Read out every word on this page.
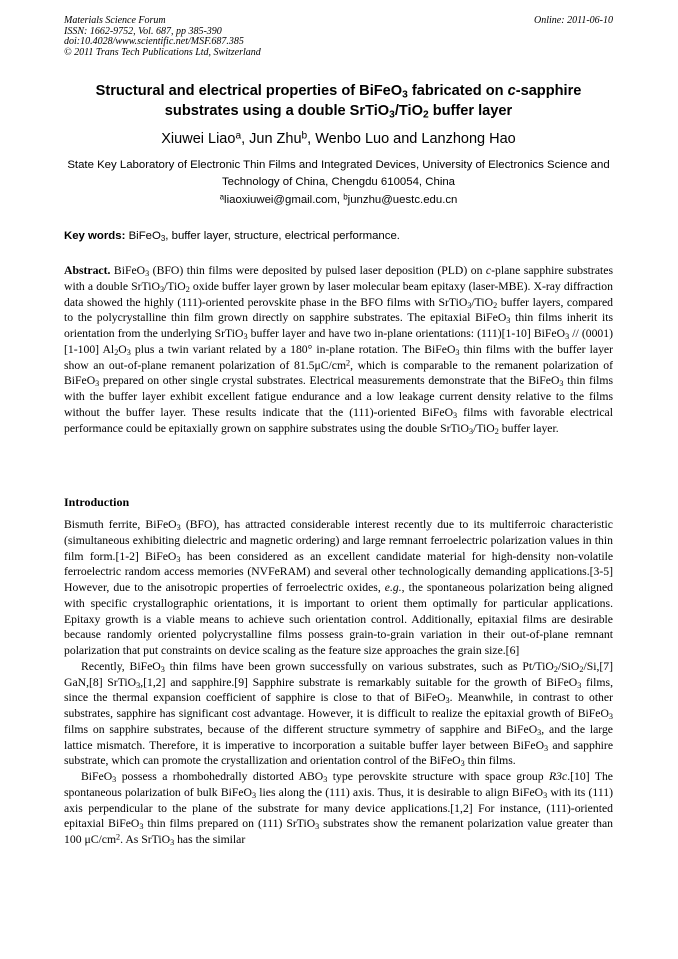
Materials Science Forum
ISSN: 1662-9752, Vol. 687, pp 385-390
doi:10.4028/www.scientific.net/MSF.687.385
© 2011 Trans Tech Publications Ltd, Switzerland
Online: 2011-06-10
Structural and electrical properties of BiFeO$_3$ fabricated on c-sapphire substrates using a double SrTiO$_3$/TiO$_2$ buffer layer
Xiuwei Liao$^a$, Jun Zhu$^b$, Wenbo Luo and Lanzhong Hao
State Key Laboratory of Electronic Thin Films and Integrated Devices, University of Electronics Science and Technology of China, Chengdu 610054, China
$^a$liaoxiuwei@gmail.com, $^b$junzhu@uestc.edu.cn
Key words: BiFeO$_3$, buffer layer, structure, electrical performance.
Abstract. BiFeO$_3$ (BFO) thin films were deposited by pulsed laser deposition (PLD) on c-plane sapphire substrates with a double SrTiO$_3$/TiO$_2$ oxide buffer layer grown by laser molecular beam epitaxy (laser-MBE). X-ray diffraction data showed the highly (111)-oriented perovskite phase in the BFO films with SrTiO$_3$/TiO$_2$ buffer layers, compared to the polycrystalline thin film grown directly on sapphire substrates. The epitaxial BiFeO$_3$ thin films inherit its orientation from the underlying SrTiO$_3$ buffer layer and have two in-plane orientations: (111)[1-10] BiFeO$_3$ // (0001)[1-100] $Al_2O_3$ plus a twin variant related by a 180° in-plane rotation. The BiFeO$_3$ thin films with the buffer layer show an out-of-plane remanent polarization of $81.5\mu C/cm^2$, which is comparable to the remanent polarization of BiFeO$_3$ prepared on other single crystal substrates. Electrical measurements demonstrate that the BiFeO$_3$ thin films with the buffer layer exhibit excellent fatigue endurance and a low leakage current density relative to the films without the buffer layer. These results indicate that the (111)-oriented BiFeO$_3$ films with favorable electrical performance could be epitaxially grown on sapphire substrates using the double SrTiO$_3$/TiO$_2$ buffer layer.
Introduction

Bismuth ferrite, BiFeO$_3$ (BFO), has attracted considerable interest recently due to its multiferroic characteristic (simultaneous exhibiting dielectric and magnetic ordering) and large remnant ferroelectric polarization values in thin film form.[1-2] BiFeO$_3$ has been considered as an excellent candidate material for high-density non-volatile ferroelectric random access memories (NVFeRAM) and several other technologically demanding applications.[3-5] However, due to the anisotropic properties of ferroelectric oxides, e.g., the spontaneous polarization being aligned with specific crystallographic orientations, it is important to orient them optimally for particular applications. Epitaxy growth is a viable means to achieve such orientation control. Additionally, epitaxial films are desirable because randomly oriented polycrystalline films possess grain-to-grain variation in their out-of-plane remnant polarization that put constraints on device scaling as the feature size approaches the grain size.[6]

Recently, BiFeO$_3$ thin films have been grown successfully on various substrates, such as Pt/TiO$_2$/SiO$_2$/Si,[7] GaN,[8] SrTiO$_3$,[1,2] and sapphire.[9] Sapphire substrate is remarkably suitable for the growth of BiFeO$_3$ films, since the thermal expansion coefficient of sapphire is close to that of BiFeO$_3$. Meanwhile, in contrast to other substrates, sapphire has significant cost advantage. However, it is difficult to realize the epitaxial growth of BiFeO$_3$ films on sapphire substrates, because of the different structure symmetry of sapphire and BiFeO$_3$, and the large lattice mismatch. Therefore, it is imperative to incorporation a suitable buffer layer between BiFeO$_3$ and sapphire substrate, which can promote the crystallization and orientation control of the BiFeO$_3$ thin films.

BiFeO$_3$ possess a rhombohedrally distorted $ABO_3$ type perovskite structure with space group R3c.[10] The spontaneous polarization of bulk BiFeO$_3$ lies along the (111) axis. Thus, it is desirable to align BiFeO$_3$ with its (111) axis perpendicular to the plane of the substrate for many device applications.[1,2] For instance, (111)-oriented epitaxial BiFeO$_3$ thin films prepared on (111) SrTiO$_3$ substrates show the remanent polarization value greater than 100 $\mu C/cm^2$. As SrTiO$_3$ has the similar
